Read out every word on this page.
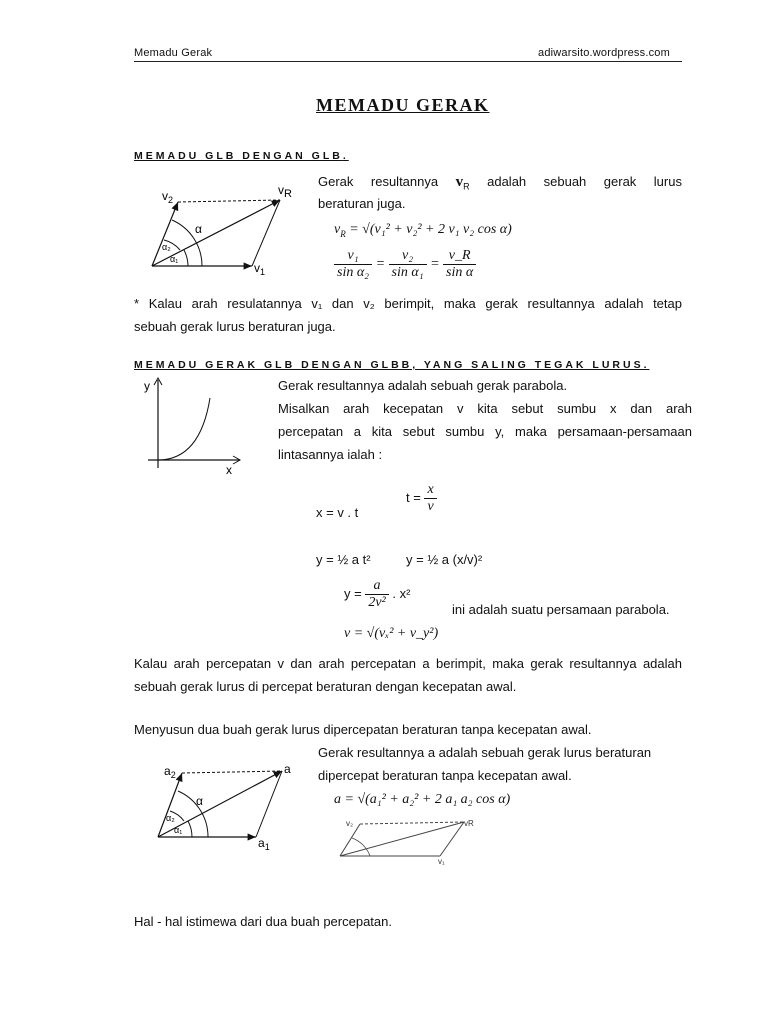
Memadu Gerak	adiwarsito.wordpress.com
MEMADU GERAK
MEMADU GLB DENGAN GLB.
$v_2$
vR
$v_1$
α
α₂
α₁
Gerak resultannya $v_R$ adalah sebuah gerak lurus
beraturan juga.
$v_R = √(v_1^2 + v_2^2 + 2$ v₁ v₂ cos α)
$\frac{\text{v₁}}{\text{sin α₂}} = \frac{\text{v₂}}{\text{sin α₁}} = \frac{v\_R}{\text{sin α}}$
* Kalau arah resulatannya v₁ dan v₂ berimpit, maka gerak resultannya adalah tetap
sebuah gerak lurus beraturan juga.
MEMADU GERAK GLB DENGAN GLBB, YANG SALING TEGAK LURUS.
y
x
Gerak resultannya adalah sebuah gerak parabola.
Misalkan arah kecepatan v kita sebut sumbu x dan arah
percepatan a kita sebut sumbu y, maka persamaan-persamaan
lintasannya ialah :
x = v . t
$t = \frac{x}{v}$
y = ½ a t²	y = ½ a (x/v)²
$y = \frac{a}{\text{2v²}}$ . x²
ini adalah suatu persamaan parabola.
v = √(vₓ² + v_y²)
Kalau arah percepatan v dan arah percepatan a berimpit, maka gerak resultannya adalah
sebuah gerak lurus di percepat beraturan dengan kecepatan awal.
Menyusun dua buah gerak lurus dipercepatan beraturan tanpa kecepatan awal.
Gerak resultannya a adalah sebuah gerak lurus beraturan
dipercepat beraturan tanpa kecepatan awal.
a = √(a₁² + a₂² + 2 a₁ a₂ cos α)
$a_2$	a
$a_1$
α
α₂
α₁
v₂	vR
v₁
Hal - hal istimewa dari dua buah percepatan.
